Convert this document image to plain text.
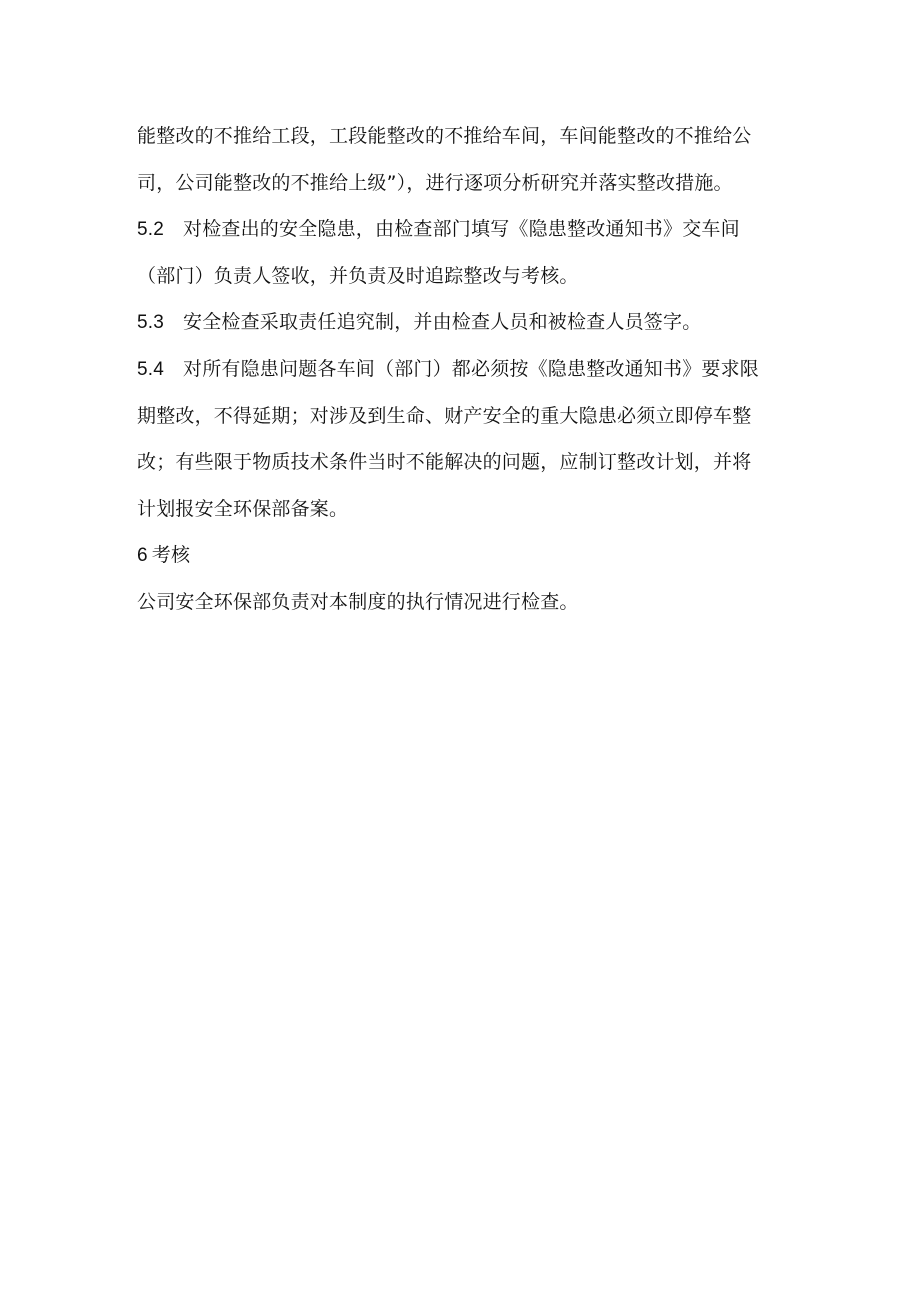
能整改的不推给工段，工段能整改的不推给车间，车间能整改的不推给公
司，公司能整改的不推给上级”），进行逐项分析研究并落实整改措施。
5.2 对检查出的安全隐患，由检查部门填写《隐患整改通知书》交车间
（部门）负责人签收，并负责及时追踪整改与考核。
5.3 安全检查采取责任追究制，并由检查人员和被检查人员签字。
5.4 对所有隐患问题各车间（部门）都必须按《隐患整改通知书》要求限
期整改，不得延期；对涉及到生命、财产安全的重大隐患必须立即停车整
改；有些限于物质技术条件当时不能解决的问题，应制订整改计划，并将
计划报安全环保部备案。
6 考核
公司安全环保部负责对本制度的执行情况进行检查。
